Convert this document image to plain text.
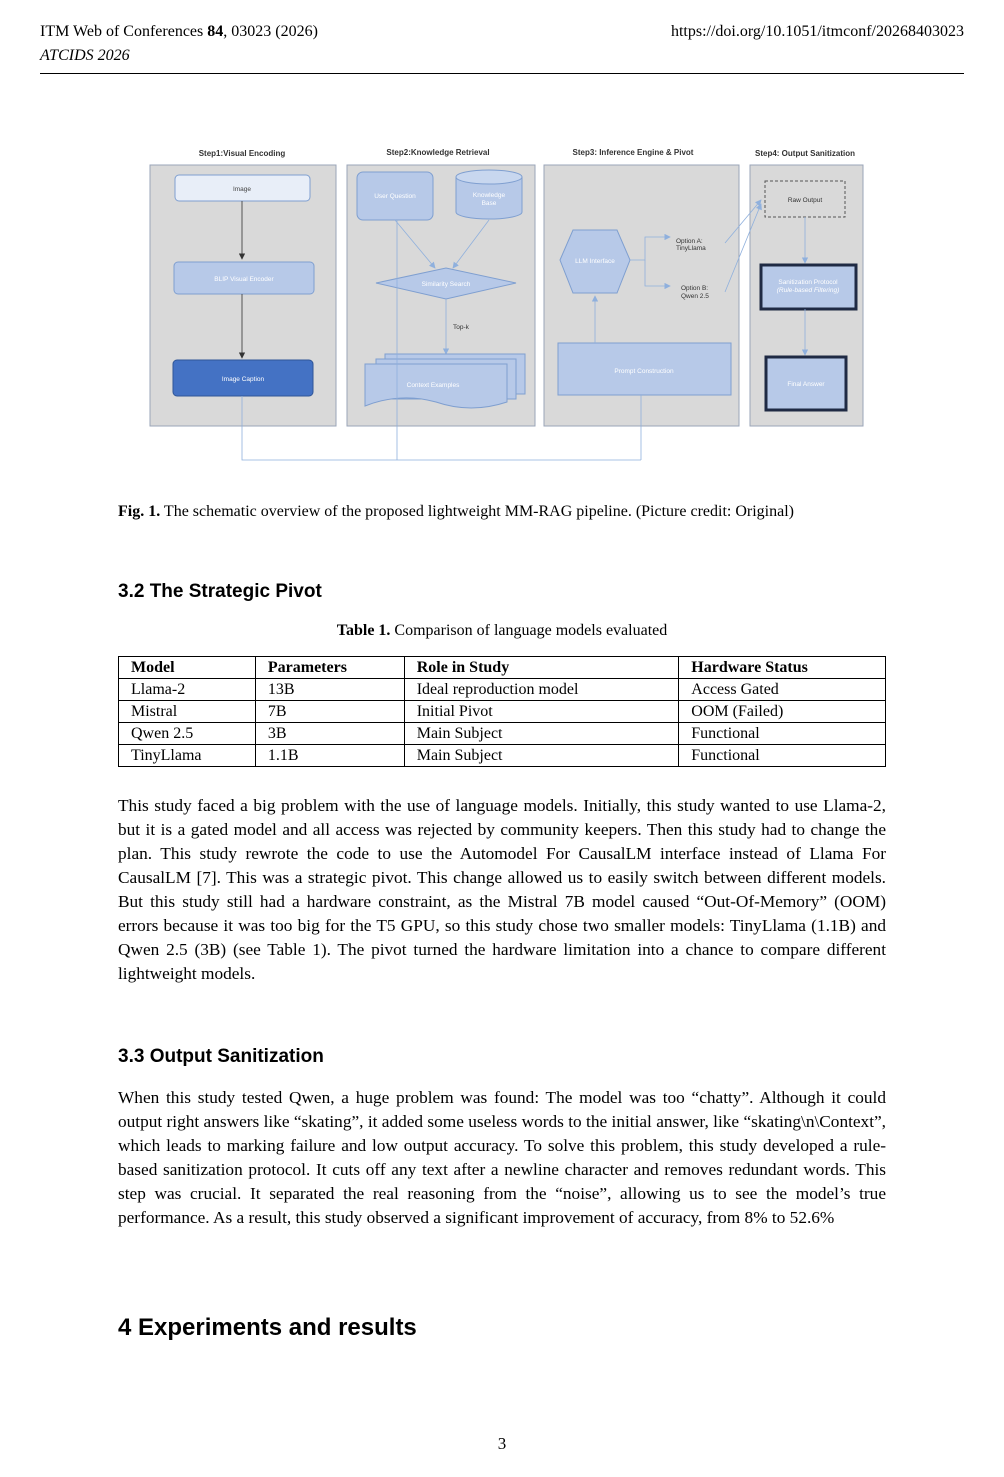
ITM Web of Conferences 84, 03023 (2026)
ATCIDS 2026
https://doi.org/10.1051/itmconf/20268403023
Step1:Visual Encoding	Step2:Knowledge Retrieval	Step3: Inference Engine & Pivot	Step4: Output Sanitization
Image
BLIP Visual Encoder
Image Caption
User Question	Knowledge
Base
Similarity Search
Top-k
Context Examples
LLM Interface
Option A:
TinyLlama
Option B:
Qwen 2.5
Prompt Construction
Raw Output
Sanitization Protocol
(Rule-based Filtering)
Final Answer
Fig. 1. The schematic overview of the proposed lightweight MM-RAG pipeline. (Picture credit: Original)
3.2 The Strategic Pivot
Table 1. Comparison of language models evaluated
Model	Parameters	Role in Study	Hardware Status
Llama-2	13B	Ideal reproduction model	Access Gated
Mistral	7B	Initial Pivot	OOM (Failed)
Qwen 2.5	3B	Main Subject	Functional
TinyLlama	1.1B	Main Subject	Functional
This study faced a big problem with the use of language models. Initially, this study wanted to use Llama-2, but it is a gated model and all access was rejected by community keepers. Then this study had to change the plan. This study rewrote the code to use the Automodel For CausalLM interface instead of Llama For CausalLM [7]. This was a strategic pivot. This change allowed us to easily switch between different models. But this study still had a hardware constraint, as the Mistral 7B model caused “Out-Of-Memory” (OOM) errors because it was too big for the T5 GPU, so this study chose two smaller models: TinyLlama (1.1B) and Qwen 2.5 (3B) (see Table 1). The pivot turned the hardware limitation into a chance to compare different lightweight models.
3.3 Output Sanitization
When this study tested Qwen, a huge problem was found: The model was too “chatty”. Although it could output right answers like “skating”, it added some useless words to the initial answer, like “skating\n\Context”, which leads to marking failure and low output accuracy. To solve this problem, this study developed a rule-based sanitization protocol. It cuts off any text after a newline character and removes redundant words. This step was crucial. It separated the real reasoning from the “noise”, allowing us to see the model’s true performance. As a result, this study observed a significant improvement of accuracy, from 8% to 52.6%
4 Experiments and results
3
